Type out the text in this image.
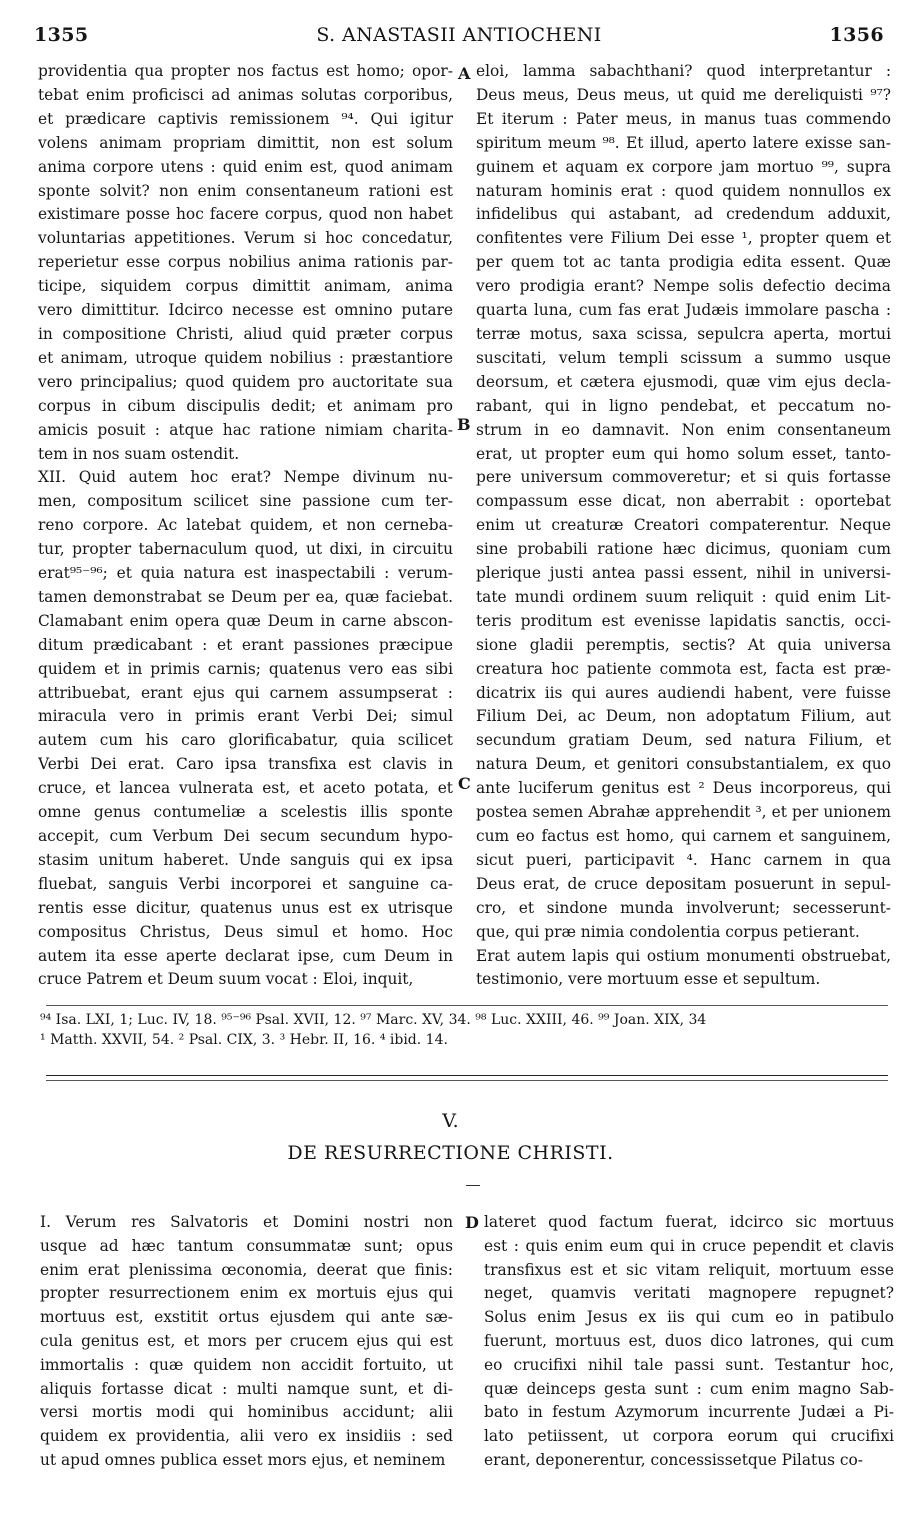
1355	S. ANASTASII ANTIOCHENI	1356
providentia qua propter nos factus est homo; opor-
tebat enim proficisci ad animas solutas corporibus,
et prædicare captivis remissionem ⁹⁴. Qui igitur
volens animam propriam dimittit, non est solum
anima corpore utens : quid enim est, quod animam
sponte solvit? non enim consentaneum rationi est
existimare posse hoc facere corpus, quod non habet
voluntarias appetitiones. Verum si hoc concedatur,
reperietur esse corpus nobilius anima rationis par-
ticipe, siquidem corpus dimittit animam, anima
vero dimittitur. Idcirco necesse est omnino putare
in compositione Christi, aliud quid præter corpus
et animam, utroque quidem nobilius : præstantiore
vero principalius; quod quidem pro auctoritate sua
corpus in cibum discipulis dedit; et animam pro
amicis posuit : atque hac ratione nimiam charita-
tem in nos suam ostendit.
XII. Quid autem hoc erat? Nempe divinum nu-
men, compositum scilicet sine passione cum ter-
reno corpore. Ac latebat quidem, et non cerneba-
tur, propter tabernaculum quod, ut dixi, in circuitu
erat⁹⁵⁻⁹⁶; et quia natura est inaspectabili : verum-
tamen demonstrabat se Deum per ea, quæ faciebat.
Clamabant enim opera quæ Deum in carne abscon-
ditum prædicabant : et erant passiones præcipue
quidem et in primis carnis; quatenus vero eas sibi
attribuebat, erant ejus qui carnem assumpserat :
miracula vero in primis erant Verbi Dei; simul
autem cum his caro glorificabatur, quia scilicet
Verbi Dei erat. Caro ipsa transfixa est clavis in
cruce, et lancea vulnerata est, et aceto potata, et
omne genus contumeliæ a scelestis illis sponte
accepit, cum Verbum Dei secum secundum hypo-
stasim unitum haberet. Unde sanguis qui ex ipsa
fluebat, sanguis Verbi incorporei et sanguine ca-
rentis esse dicitur, quatenus unus est ex utrisque
compositus Christus, Deus simul et homo. Hoc
autem ita esse aperte declarat ipse, cum Deum in
cruce Patrem et Deum suum vocat : Eloi, inquit,
eloi, lamma sabachthani? quod interpretantur :
Deus meus, Deus meus, ut quid me dereliquisti ⁹⁷?
Et iterum : Pater meus, in manus tuas commendo
spiritum meum ⁹⁸. Et illud, aperto latere exisse san-
guinem et aquam ex corpore jam mortuo ⁹⁹, supra
naturam hominis erat : quod quidem nonnullos ex
infidelibus qui astabant, ad credendum adduxit,
confitentes vere Filium Dei esse ¹, propter quem et
per quem tot ac tanta prodigia edita essent. Quæ
vero prodigia erant? Nempe solis defectio decima
quarta luna, cum fas erat Judæis immolare pascha :
terræ motus, saxa scissa, sepulcra aperta, mortui
suscitati, velum templi scissum a summo usque
deorsum, et cætera ejusmodi, quæ vim ejus decla-
rabant, qui in ligno pendebat, et peccatum no-
strum in eo damnavit. Non enim consentaneum
erat, ut propter eum qui homo solum esset, tanto-
pere universum commoveretur; et si quis fortasse
compassum esse dicat, non aberrabit : oportebat
enim ut creaturæ Creatori compaterentur. Neque
sine probabili ratione hæc dicimus, quoniam cum
plerique justi antea passi essent, nihil in universi-
tate mundi ordinem suum reliquit : quid enim Lit-
teris proditum est evenisse lapidatis sanctis, occi-
sione gladii peremptis, sectis? At quia universa
creatura hoc patiente commota est, facta est præ-
dicatrix iis qui aures audiendi habent, vere fuisse
Filium Dei, ac Deum, non adoptatum Filium, aut
secundum gratiam Deum, sed natura Filium, et
natura Deum, et genitori consubstantialem, ex quo
ante luciferum genitus est ² Deus incorporeus, qui
postea semen Abrahæ apprehendit ³, et per unionem
cum eo factus est homo, qui carnem et sanguinem,
sicut pueri, participavit ⁴. Hanc carnem in qua
Deus erat, de cruce depositam posuerunt in sepul-
cro, et sindone munda involverunt; secesserunt-
que, qui præ nimia condolentia corpus petierant.
Erat autem lapis qui ostium monumenti obstruebat,
testimonio, vere mortuum esse et sepultum.
A
B
C
⁹⁴ Isa. LXI, 1; Luc. IV, 18. ⁹⁵⁻⁹⁶ Psal. XVII, 12. ⁹⁷ Marc. XV, 34. ⁹⁸ Luc. XXIII, 46. ⁹⁹ Joan. XIX, 34
¹ Matth. XXVII, 54. ² Psal. CIX, 3. ³ Hebr. II, 16. ⁴ ibid. 14.
V.
DE RESURRECTIONE CHRISTI.
I. Verum res Salvatoris et Domini nostri non
usque ad hæc tantum consummatæ sunt; opus
enim erat plenissima œconomia, deerat que finis:
propter resurrectionem enim ex mortuis ejus qui
mortuus est, exstitit ortus ejusdem qui ante sæ-
cula genitus est, et mors per crucem ejus qui est
immortalis : quæ quidem non accidit fortuito, ut
aliquis fortasse dicat : multi namque sunt, et di-
versi mortis modi qui hominibus accidunt; alii
quidem ex providentia, alii vero ex insidiis : sed
ut apud omnes publica esset mors ejus, et neminem
lateret quod factum fuerat, idcirco sic mortuus
est : quis enim eum qui in cruce pependit et clavis
transfixus est et sic vitam reliquit, mortuum esse
neget, quamvis veritati magnopere repugnet?
Solus enim Jesus ex iis qui cum eo in patibulo
fuerunt, mortuus est, duos dico latrones, qui cum
eo crucifixi nihil tale passi sunt. Testantur hoc,
quæ deinceps gesta sunt : cum enim magno Sab-
bato in festum Azymorum incurrente Judæi a Pi-
lato petiissent, ut corpora eorum qui crucifixi
erant, deponerentur, concessissetque Pilatus co-
D
